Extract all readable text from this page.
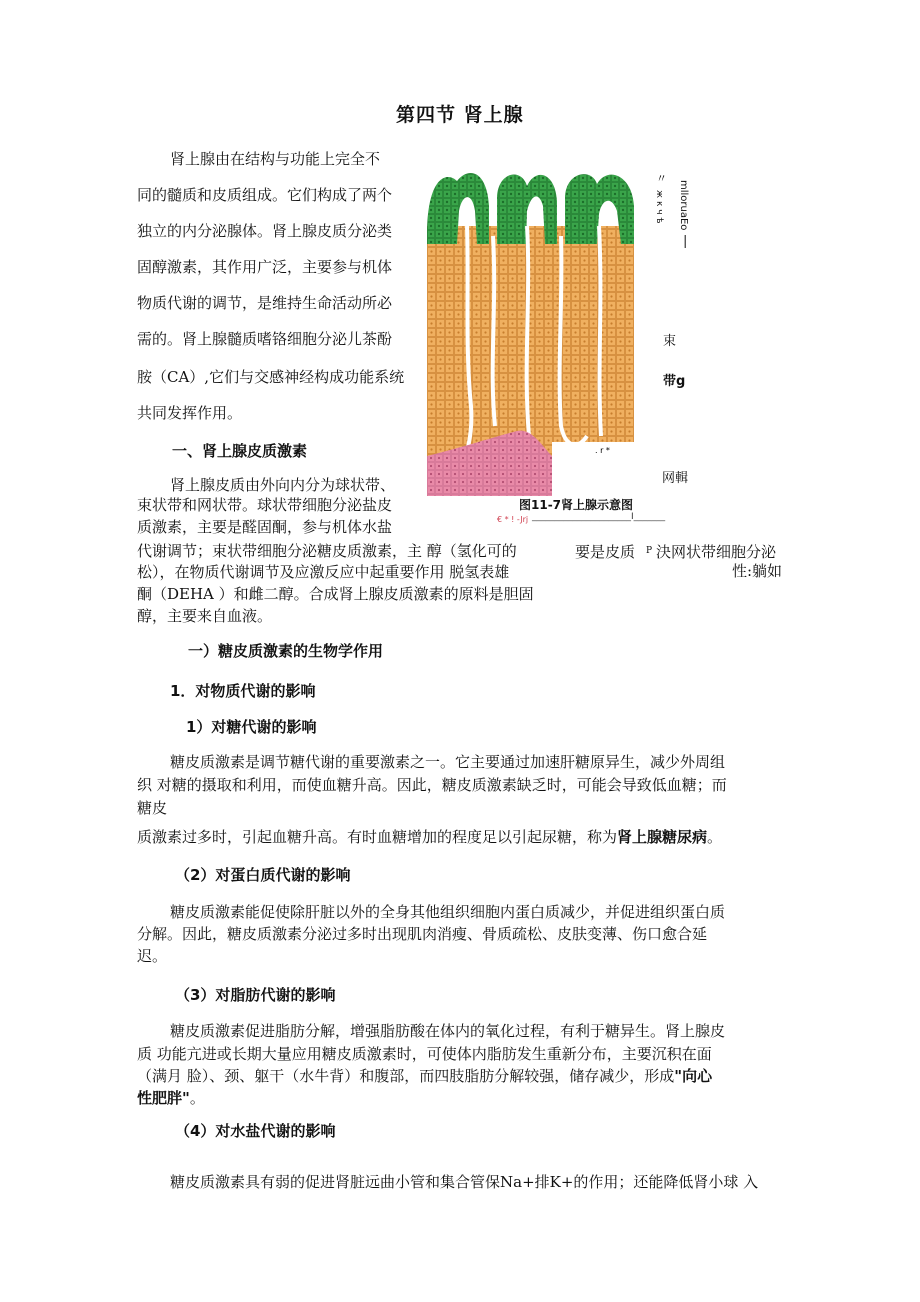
第四节 肾上腺

肾上腺由在结构与功能上完全不

同的髓质和皮质组成。它们构成了两个

独立的内分泌腺体。肾上腺皮质分泌类

固醇激素，其作用广泛，主要参与机体

物质代谢的调节，是维持生命活动所必

需的。肾上腺髓质嗜铬细胞分泌儿茶酚

胺（CA）,它们与交感神经构成功能系统

共同发挥作用。

一、肾上腺皮质激素

肾上腺皮质由外向内分为球状带、

束状带和网状带。球状带细胞分泌盐皮

质激素，主要是醛固酮，参与机体水盐

代谢调节；束状带细胞分泌糖皮质激素，主 醇（氢化可的

松），在物质代谢调节及应激反应中起重要作用 脱氢表雄

酮（DEHA ）和雌二醇。合成肾上腺皮质激素的原料是胆固

醇，主要来自血液。

要是皮质 P 決网状带细胞分泌

性:躺如

一）糖皮质激素的生物学作用
1．对物质代谢的影响
1）对糖代谢的影响

糖皮质激素是调节糖代谢的重要激素之一。它主要通过加速肝糖原异生，减少外周组

织 对糖的摄取和利用，而使血糖升高。因此，糖皮质激素缺乏时，可能会导致低血糖；而

糖皮

质激素过多时，引起血糖升高。有时血糖增加的程度足以引起尿糖，称为肾上腺糖尿病。

（2）对蛋白质代谢的影响

糖皮质激素能促使除肝脏以外的全身其他组织细胞内蛋白质减少，并促进组织蛋白质

分解。因此，糖皮质激素分泌过多时出现肌肉消瘦、骨质疏松、皮肤变薄、伤口愈合延

迟。

（3）对脂肪代谢的影响

糖皮质激素促进脂肪分解，增强脂肪酸在体内的氧化过程，有利于糖异生。肾上腺皮

质 功能亢进或长期大量应用糖皮质激素时，可使体内脂肪发生重新分布，主要沉积在面

（满月 脸）、颈、躯干（水牛背）和腹部，而四肢脂肪分解较强，储存减少，形成"向心

性肥胖"。

（4）对水盐代谢的影响

糖皮质激素具有弱的促进肾脏远曲小管和集合管保Na+排K+的作用；还能降低肾小球 入

. r *
mlloruaEo
|
〃
ж к ч ѣ
束
带g
网輯
图11-7肾上腺示意图
€ * ! -Jrj ______________________I_______
